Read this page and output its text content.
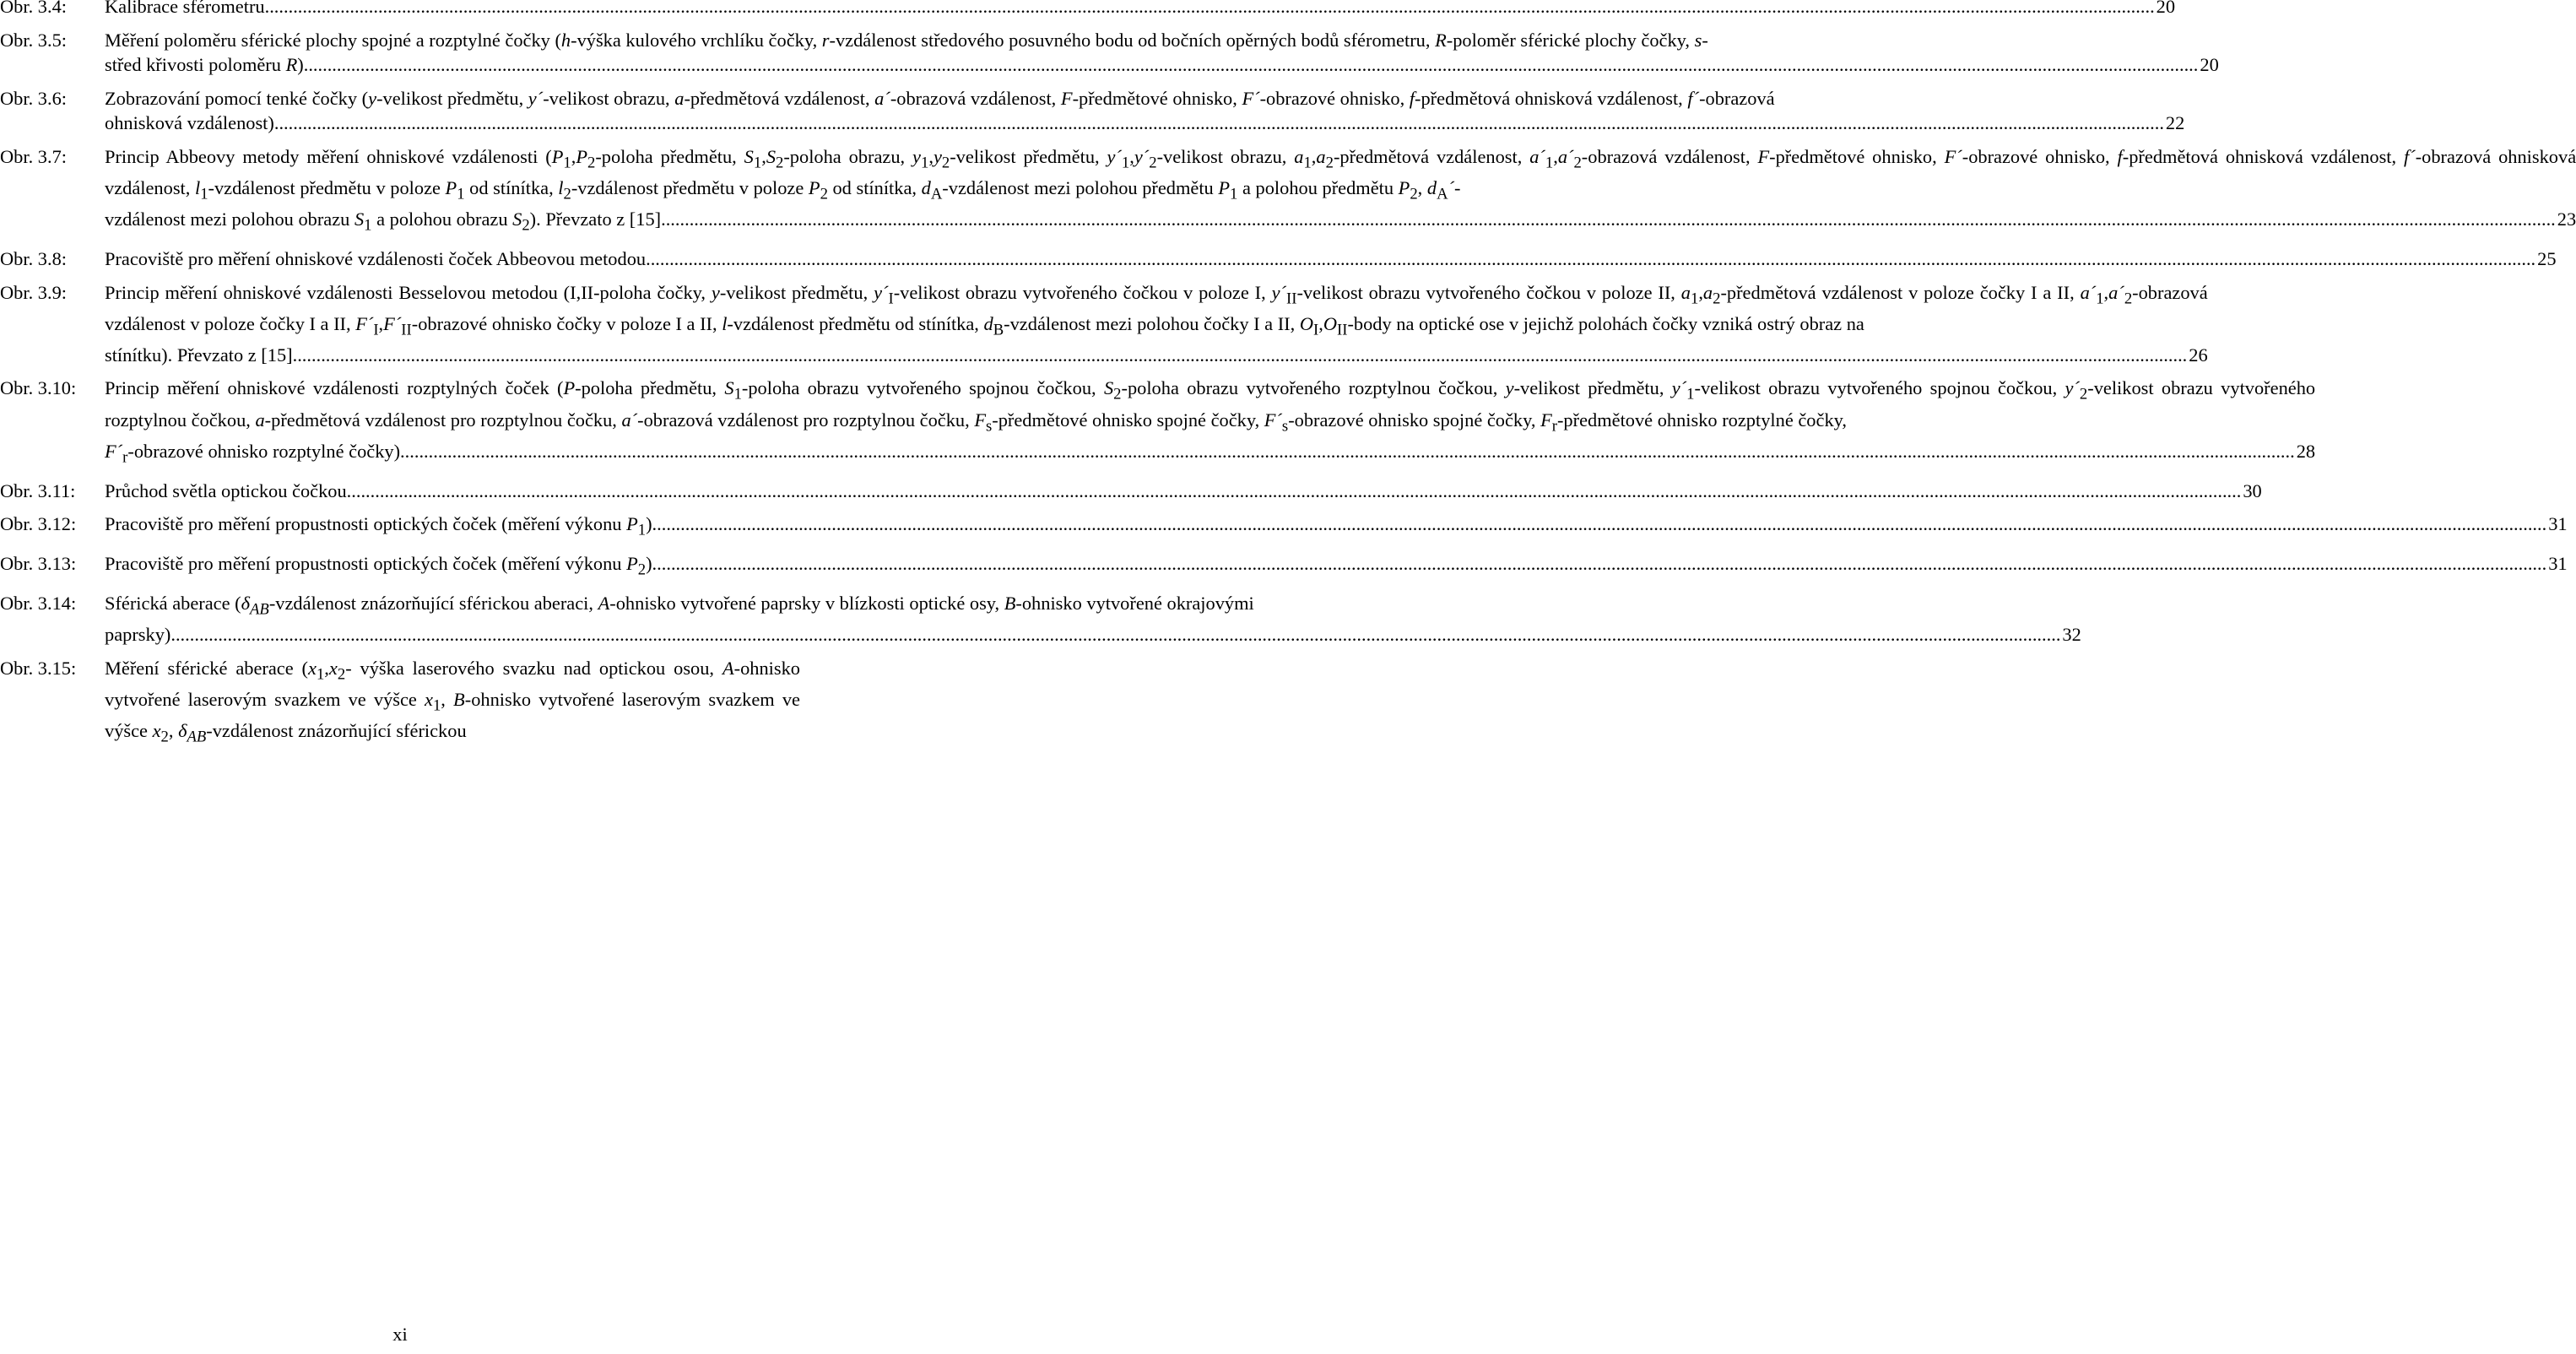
Obr. 3.4:	Kalibrace sférometru ................................................................................................................................................................................................................................................................................................................................................................................................................ 20
Obr. 3.5:	Měření poloměru sférické plochy spojné a rozptylné čočky (h-výška kulového vrchlíku čočky, r-vzdálenost středového posuvného bodu od bočních opěrných bodů sférometru, R-poloměr sférické plochy čočky, s-
střed křivosti poloměru R). ................................................................................................................................................................................................................................................................................................................................................................................................................ 20
Obr. 3.6:	Zobrazování pomocí tenké čočky (y-velikost předmětu, y´-velikost obrazu, a-předmětová vzdálenost, a´-obrazová vzdálenost, F-předmětové ohnisko, F´-obrazové ohnisko, f-předmětová ohnisková vzdálenost, f´-obrazová
ohnisková vzdálenost) ................................................................................................................................................................................................................................................................................................................................................................................................................ 22
Obr. 3.7:	Princip Abbeovy metody měření ohniskové vzdálenosti ($P_1,P_2$-poloha předmětu, $S_1,S_2$-poloha obrazu, $y_1,y_2$-velikost předmětu, $y´_1,y´_2$-velikost obrazu, $a_1,a_2$-předmětová vzdálenost, $a´_1,a´_2$-obrazová vzdálenost, F-předmětové ohnisko, F´-obrazové ohnisko, f-předmětová ohnisková vzdálenost, f´-obrazová ohnisková vzdálenost, $l_1$-vzdálenost předmětu v poloze $P_1$ od stínítka, $l_2$-vzdálenost předmětu v poloze $P_2$ od stínítka, $d_A$-vzdálenost mezi polohou předmětu $P_1$ a polohou předmětu $P_2$, $d_A´-$
vzdálenost mezi polohou obrazu $S_1$ a polohou obrazu $S_2$). Převzato z [15]. ................................................................................................................................................................................................................................................................................................................................................................................................................ 23
Obr. 3.8:	Pracoviště pro měření ohniskové vzdálenosti čoček Abbeovou metodou ................................................................................................................................................................................................................................................................................................................................................................................................................ 25
Obr. 3.9:	Princip měření ohniskové vzdálenosti Besselovou metodou (I,II-poloha čočky, y-velikost předmětu, $y´_I$-velikost obrazu vytvořeného čočkou v poloze I, $y´_{II}$-velikost obrazu vytvořeného čočkou v poloze II, $a_1,a_2$-předmětová vzdálenost v poloze čočky I a II, $a´_1,a´_2$-obrazová vzdálenost v poloze čočky I a II, $F´_I,F´_{II}$-obrazové ohnisko čočky v poloze I a II, l-vzdálenost předmětu od stínítka, $d_B$-vzdálenost mezi polohou čočky I a II, $O_I,O_{II}$-body na optické ose v jejichž polohách čočky vzniká ostrý obraz na
stínítku). Převzato z [15]. ................................................................................................................................................................................................................................................................................................................................................................................................................ 26
Obr. 3.10:	Princip měření ohniskové vzdálenosti rozptylných čoček (P-poloha předmětu, $S_1$-poloha obrazu vytvořeného spojnou čočkou, $S_2$-poloha obrazu vytvořeného rozptylnou čočkou, y-velikost předmětu, $y´_1$-velikost obrazu vytvořeného spojnou čočkou, $y´_2$-velikost obrazu vytvořeného rozptylnou čočkou, a-předmětová vzdálenost pro rozptylnou čočku, a´-obrazová vzdálenost pro rozptylnou čočku, $F_s$-předmětové ohnisko spojné čočky, $F´_s$-obrazové ohnisko spojné čočky, $F_r$-předmětové ohnisko rozptylné čočky,
$F´_r$-obrazové ohnisko rozptylné čočky). ................................................................................................................................................................................................................................................................................................................................................................................................................ 28
Obr. 3.11:	Průchod světla optickou čočkou. ................................................................................................................................................................................................................................................................................................................................................................................................................ 30
Obr. 3.12:	Pracoviště pro měření propustnosti optických čoček (měření výkonu $P_1$). ................................................................................................................................................................................................................................................................................................................................................................................................................ 31
Obr. 3.13:	Pracoviště pro měření propustnosti optických čoček (měření výkonu $P_2$). ................................................................................................................................................................................................................................................................................................................................................................................................................ 31
Obr. 3.14:	Sférická aberace ($\delta_{AB}$-vzdálenost znázorňující sférickou aberaci, A-ohnisko vytvořené paprsky v blízkosti optické osy, B-ohnisko vytvořené okrajovými
paprsky) ................................................................................................................................................................................................................................................................................................................................................................................................................ 32
Obr. 3.15:	Měření sférické aberace ($x_1,x_2-$ výška laserového svazku nad optickou osou, A-ohnisko vytvořené laserovým svazkem ve výšce $x_1$, B-ohnisko vytvořené laserovým svazkem ve výšce $x_2$, $\delta_{AB}$-vzdálenost znázorňující sférickou
xi
